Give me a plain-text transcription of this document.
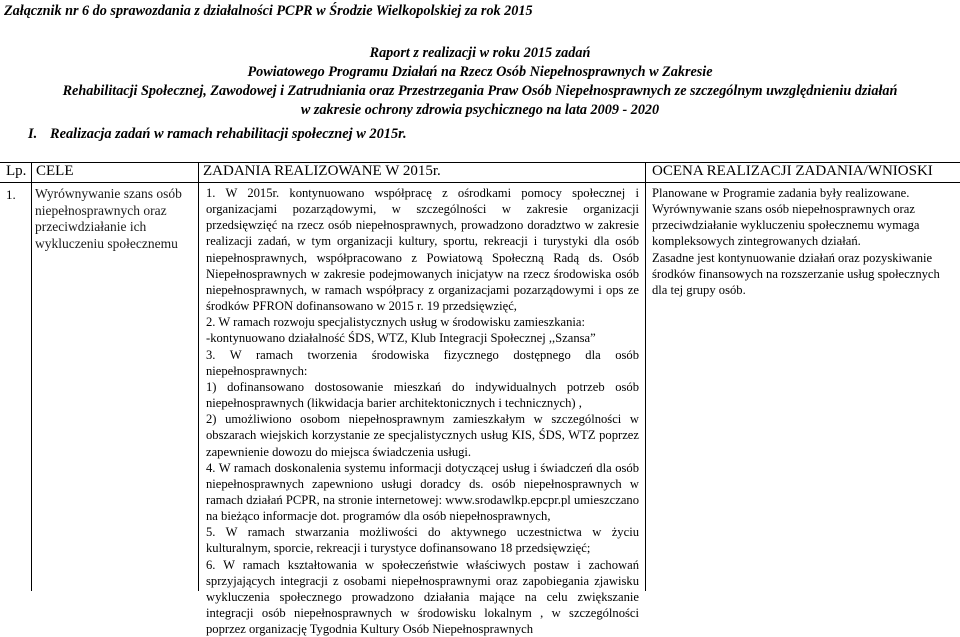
Załącznik nr 6 do sprawozdania z działalności PCPR w Środzie Wielkopolskiej za rok 2015
Raport z realizacji w roku 2015 zadań
Powiatowego Programu Działań na Rzecz Osób Niepełnosprawnych w Zakresie
Rehabilitacji Społecznej, Zawodowej i Zatrudniania oraz Przestrzegania Praw Osób Niepełnosprawnych ze szczególnym uwzględnieniu działań
w zakresie ochrony zdrowia psychicznego na lata 2009 - 2020
I. Realizacja zadań w ramach rehabilitacji społecznej w 2015r.
Lp. CELE	ZADANIA REALIZOWANE W 2015r.	OCENA REALIZACJI ZADANIA/WNIOSKI
1. Wyrównywanie szans osób niepełnosprawnych oraz przeciwdziałanie ich wykluczeniu społecznemu

1. W 2015r. kontynuowano współpracę z ośrodkami pomocy społecznej i organizacjami pozarządowymi, w szczególności w zakresie organizacji przedsięwzięć na rzecz osób niepełnosprawnych, prowadzono doradztwo w zakresie realizacji zadań, w tym organizacji kultury, sportu, rekreacji i turystyki dla osób niepełnosprawnych, współpracowano z Powiatową Społeczną Radą ds. Osób Niepełnosprawnych w zakresie podejmowanych inicjatyw na rzecz środowiska osób niepełnosprawnych, w ramach współpracy z organizacjami pozarządowymi i ops ze środków PFRON dofinansowano w 2015 r. 19 przedsięwzięć,

2. W ramach rozwoju specjalistycznych usług w środowisku zamieszkania:

-kontynuowano działalność ŚDS, WTZ, Klub Integracji Społecznej ,,Szansa”

3. W ramach tworzenia środowiska fizycznego dostępnego dla osób niepełnosprawnych:

1) dofinansowano dostosowanie mieszkań do indywidualnych potrzeb osób niepełnosprawnych (likwidacja barier architektonicznych i technicznych) ,

2) umożliwiono osobom niepełnosprawnym zamieszkałym w szczególności w obszarach wiejskich korzystanie ze specjalistycznych usług KIS, ŚDS, WTZ poprzez zapewnienie dowozu do miejsca świadczenia usługi.

4. W ramach doskonalenia systemu informacji dotyczącej usług i świadczeń dla osób niepełnosprawnych zapewniono usługi doradcy ds. osób niepełnosprawnych w ramach działań PCPR, na stronie internetowej: www.srodawlkp.epcpr.pl umieszczano na bieżąco informacje dot. programów dla osób niepełnosprawnych,

5. W ramach stwarzania możliwości do aktywnego uczestnictwa w życiu kulturalnym, sporcie, rekreacji i turystyce dofinansowano 18 przedsięwzięć;

6. W ramach kształtowania w społeczeństwie właściwych postaw i zachowań sprzyjających integracji z osobami niepełnosprawnymi oraz zapobiegania zjawisku wykluczenia społecznego prowadzono działania mające na celu zwiększanie integracji osób niepełnosprawnych w środowisku lokalnym , w szczególności poprzez organizację Tygodnia Kultury Osób Niepełnosprawnych

Planowane w Programie zadania były realizowane.

Wyrównywanie szans osób niepełnosprawnych oraz przeciwdziałanie wykluczeniu społecznemu wymaga kompleksowych zintegrowanych działań.

Zasadne jest kontynuowanie działań oraz pozyskiwanie środków finansowych na rozszerzanie usług społecznych dla tej grupy osób.
